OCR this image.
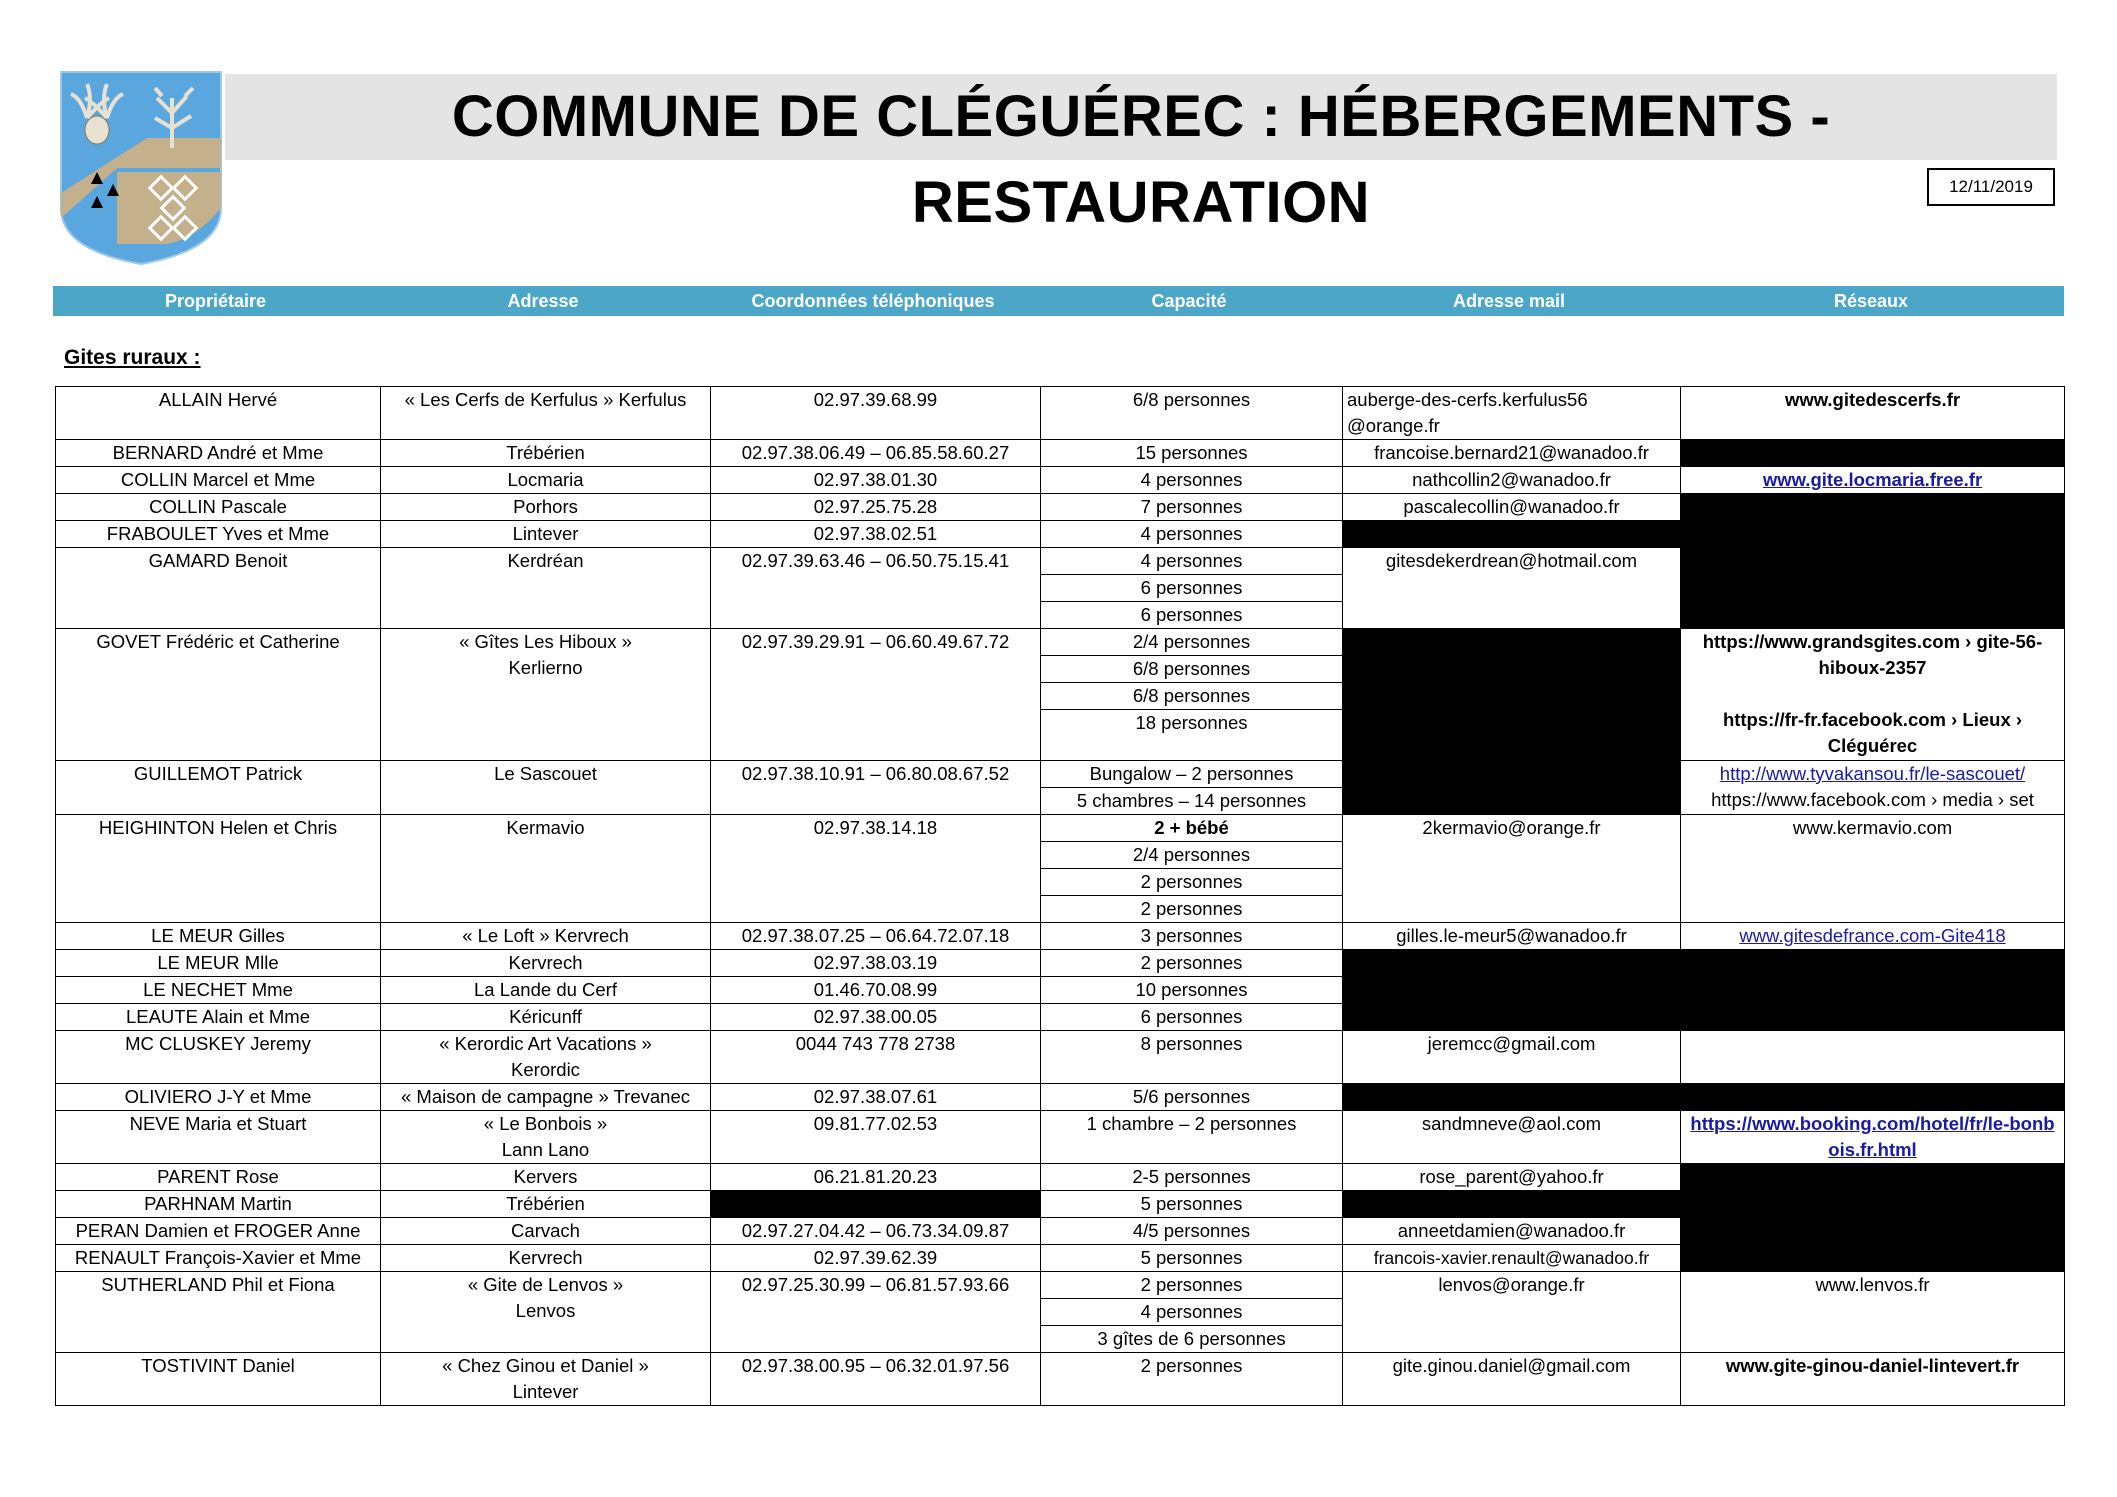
COMMUNE DE CLÉGUÉREC : HÉBERGEMENTS - RESTAURATION	12/11/2019
Propriétaire	Adresse	Coordonnées téléphoniques	Capacité	Adresse mail	Réseaux
Gites ruraux :
ALLAIN Hervé	« Les Cerfs de Kerfulus » Kerfulus	02.97.39.68.99	6/8 personnes	auberge-des-cerfs.kerfulus56
@orange.fr	www.gitedescerfs.fr
BERNARD André et Mme	Trébérien	02.97.38.06.49 – 06.85.58.60.27	15 personnes	francoise.bernard21@wanadoo.fr	
COLLIN Marcel et Mme	Locmaria	02.97.38.01.30	4 personnes	nathcollin2@wanadoo.fr	www.gite.locmaria.free.fr
COLLIN Pascale	Porhors	02.97.25.75.28	7 personnes	pascalecollin@wanadoo.fr	
FRABOULET Yves et Mme	Lintever	02.97.38.02.51	4 personnes		
GAMARD Benoit	Kerdréan	02.97.39.63.46 – 06.50.75.15.41	4 personnes	gitesdekerdrean@hotmail.com	
			6 personnes		
			6 personnes		
GOVET Frédéric et Catherine	« Gîtes Les Hiboux »
Kerlierno	02.97.39.29.91 – 06.60.49.67.72	2/4 personnes		https://www.grandsgites.com › gite-56-hiboux-2357

https://fr-fr.facebook.com › Lieux › Cléguérec
			6/8 personnes		
			6/8 personnes		
			18 personnes		
GUILLEMOT Patrick	Le Sascouet	02.97.38.10.91 – 06.80.08.67.52	Bungalow – 2 personnes		http://www.tyvakansou.fr/le-sascouet/
https://www.facebook.com › media › set
			5 chambres – 14 personnes		
HEIGHINTON Helen et Chris	Kermavio	02.97.38.14.18	2 + bébé	2kermavio@orange.fr	www.kermavio.com
			2/4 personnes		
			2 personnes		
			2 personnes		
LE MEUR Gilles	« Le Loft » Kervrech	02.97.38.07.25 – 06.64.72.07.18	3 personnes	gilles.le-meur5@wanadoo.fr	www.gitesdefrance.com-Gite418
LE MEUR Mlle	Kervrech	02.97.38.03.19	2 personnes		
LE NECHET Mme	La Lande du Cerf	01.46.70.08.99	10 personnes		
LEAUTE Alain et Mme	Kéricunff	02.97.38.00.05	6 personnes		
MC CLUSKEY Jeremy	« Kerordic Art Vacations »
Kerordic	0044 743 778 2738	8 personnes	jeremcc@gmail.com	
OLIVIERO J-Y et Mme	« Maison de campagne » Trevanec	02.97.38.07.61	5/6 personnes		
NEVE Maria et Stuart	« Le Bonbois »
Lann Lano	09.81.77.02.53	1 chambre – 2 personnes	sandmneve@aol.com	https://www.booking.com/hotel/fr/le-bonbois.fr.html
PARENT Rose	Kervers	06.21.81.20.23	2-5 personnes	rose_parent@yahoo.fr	
PARHNAM Martin	Trébérien		5 personnes		
PERAN Damien et FROGER Anne	Carvach	02.97.27.04.42 – 06.73.34.09.87	4/5 personnes	anneetdamien@wanadoo.fr	
RENAULT François-Xavier et Mme	Kervrech	02.97.39.62.39	5 personnes	francois-xavier.renault@wanadoo.fr	
SUTHERLAND Phil et Fiona	« Gite de Lenvos »
Lenvos	02.97.25.30.99 – 06.81.57.93.66	2 personnes	lenvos@orange.fr	www.lenvos.fr
			4 personnes		
			3 gîtes de 6 personnes		
TOSTIVINT Daniel	« Chez Ginou et Daniel »
Lintever	02.97.38.00.95 – 06.32.01.97.56	2 personnes	gite.ginou.daniel@gmail.com	www.gite-ginou-daniel-lintevert.fr
